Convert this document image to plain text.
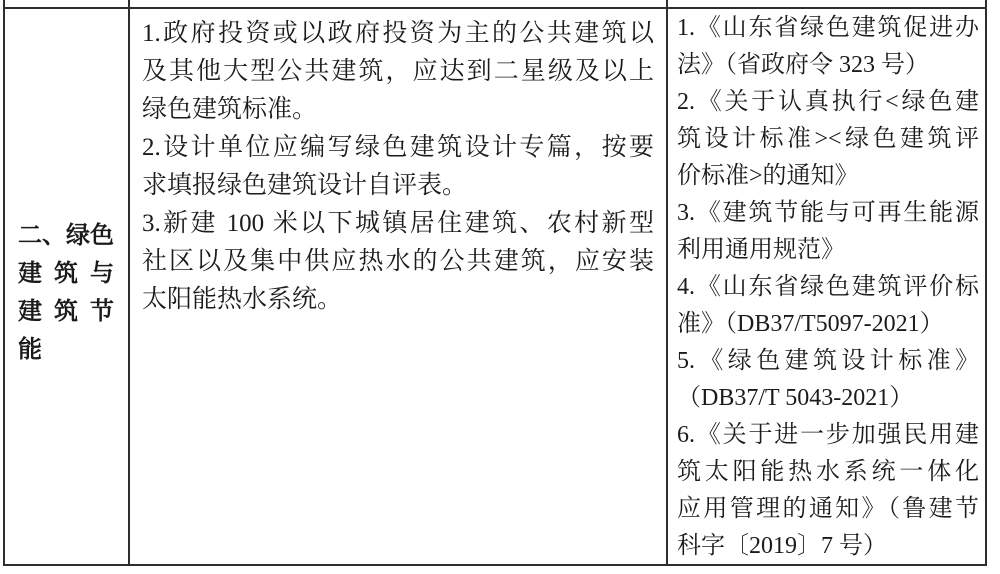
二、绿色
建筑与
建筑节
能
1.政府投资或以政府投资为主的公共建筑以
及其他大型公共建筑，应达到二星级及以上
绿色建筑标准。
2.设计单位应编写绿色建筑设计专篇，按要
求填报绿色建筑设计自评表。
3.新建 100 米以下城镇居住建筑、农村新型
社区以及集中供应热水的公共建筑，应安装
太阳能热水系统。
1.《山东省绿色建筑促进办
法》（省政府令 323 号）
2.《关于认真执行<绿色建
筑设计标准><绿色建筑评
价标准>的通知》
3.《建筑节能与可再生能源
利用通用规范》
4.《山东省绿色建筑评价标
准》（DB37/T5097-2021）
5.《绿色建筑设计标准》
（DB37/T 5043-2021）
6.《关于进一步加强民用建
筑太阳能热水系统一体化
应用管理的通知》（鲁建节
科字〔2019〕7 号）
